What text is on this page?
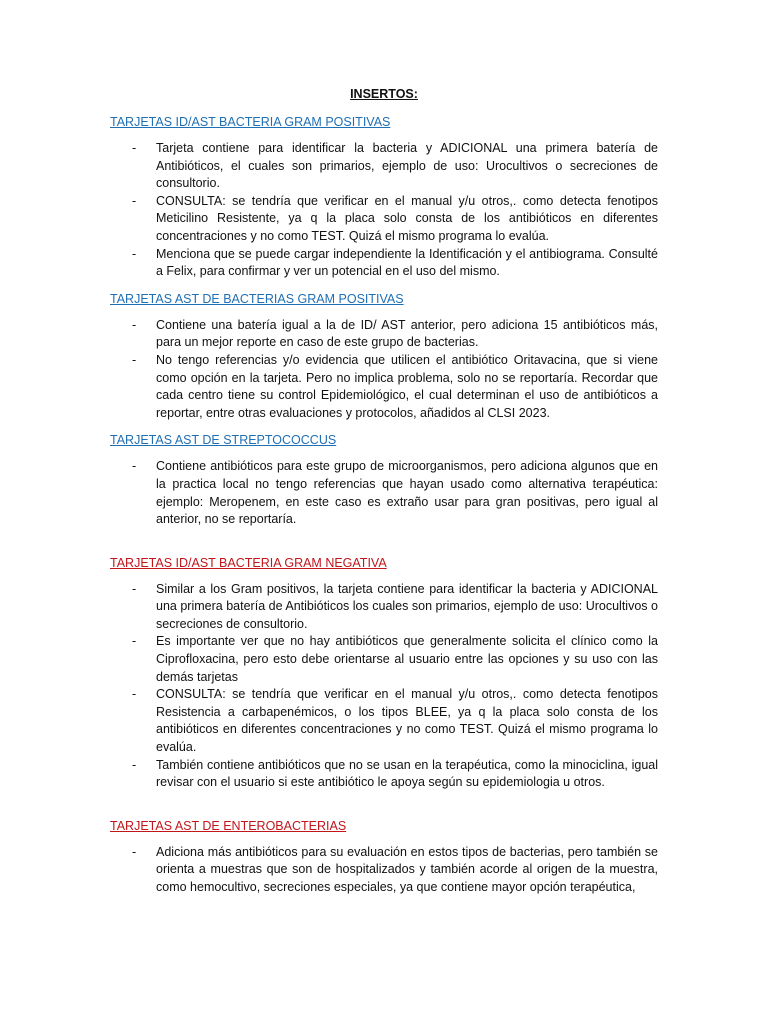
INSERTOS:
TARJETAS ID/AST BACTERIA GRAM POSITIVAS
- Tarjeta contiene para identificar la bacteria y ADICIONAL una primera batería de Antibióticos, el cuales son primarios, ejemplo de uso: Urocultivos o secreciones de consultorio.
- CONSULTA: se tendría que verificar en el manual y/u otros,. como detecta fenotipos Meticilino Resistente, ya q la placa solo consta de los antibióticos en diferentes concentraciones y no como TEST. Quizá el mismo programa lo evalúa.
- Menciona que se puede cargar independiente la Identificación y el antibiograma. Consulté a Felix, para confirmar y ver un potencial en el uso del mismo.
TARJETAS AST DE BACTERIAS GRAM POSITIVAS
- Contiene una batería igual a la de ID/ AST anterior, pero adiciona 15 antibióticos más, para un mejor reporte en caso de este grupo de bacterias.
- No tengo referencias y/o evidencia que utilicen el antibiótico Oritavacina, que si viene como opción en la tarjeta. Pero no implica problema, solo no se reportaría. Recordar que cada centro tiene su control Epidemiológico, el cual determinan el uso de antibióticos a reportar, entre otras evaluaciones y protocolos, añadidos al CLSI 2023.
TARJETAS AST DE STREPTOCOCCUS
- Contiene antibióticos para este grupo de microorganismos, pero adiciona algunos que en la practica local no tengo referencias que hayan usado como alternativa terapéutica: ejemplo: Meropenem, en este caso es extraño usar para gran positivas, pero igual al anterior, no se reportaría.
TARJETAS ID/AST BACTERIA GRAM NEGATIVA
- Similar a los Gram positivos, la tarjeta contiene para identificar la bacteria y ADICIONAL una primera batería de Antibióticos los cuales son primarios, ejemplo de uso: Urocultivos o secreciones de consultorio.
- Es importante ver que no hay antibióticos que generalmente solicita el clínico como la Ciprofloxacina, pero esto debe orientarse al usuario entre las opciones y su uso con las demás tarjetas
- CONSULTA: se tendría que verificar en el manual y/u otros,. como detecta fenotipos Resistencia a carbapenémicos, o los tipos BLEE, ya q la placa solo consta de los antibióticos en diferentes concentraciones y no como TEST. Quizá el mismo programa lo evalúa.
- También contiene antibióticos que no se usan en la terapéutica, como la minociclina, igual revisar con el usuario si este antibiótico le apoya según su epidemiologia u otros.
TARJETAS AST DE ENTEROBACTERIAS
- Adiciona más antibióticos para su evaluación en estos tipos de bacterias, pero también se orienta a muestras que son de hospitalizados y también acorde al origen de la muestra, como hemocultivo, secreciones especiales, ya que contiene mayor opción terapéutica,
